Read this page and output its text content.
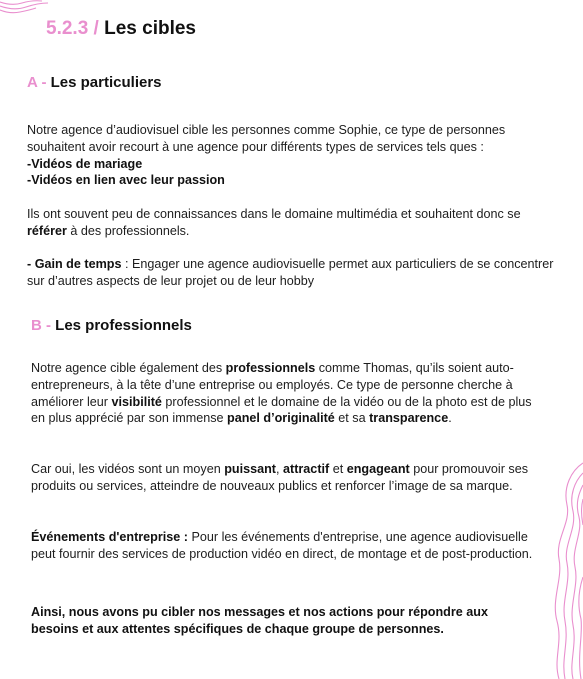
5.2.3 / Les cibles
A - Les particuliers

Notre agence d’audiovisuel cible les personnes comme Sophie, ce type de personnes souhaitent avoir recourt à une agence pour différents types de services tels ques :
-Vidéos de mariage
-Vidéos en lien avec leur passion

Ils ont souvent peu de connaissances dans le domaine multimédia et souhaitent donc se référer à des professionnels.

- Gain de temps : Engager une agence audiovisuelle permet aux particuliers de se concentrer sur d’autres aspects de leur projet ou de leur hobby

B - Les professionnels

Notre agence cible également des professionnels comme Thomas, qu’ils soient auto-entrepreneurs, à la tête d’une entreprise ou employés. Ce type de personne cherche à améliorer leur visibilité professionnel et le domaine de la vidéo ou de la photo est de plus en plus apprécié par son immense panel d’originalité et sa transparence.

Car oui, les vidéos sont un moyen puissant, attractif et engageant pour promouvoir ses produits ou services, atteindre de nouveaux publics et renforcer l’image de sa marque.

Événements d'entreprise : Pour les événements d'entreprise, une agence audiovisuelle peut fournir des services de production vidéo en direct, de montage et de post-production.

Ainsi, nous avons pu cibler nos messages et nos actions pour répondre aux besoins et aux attentes spécifiques de chaque groupe de personnes.
